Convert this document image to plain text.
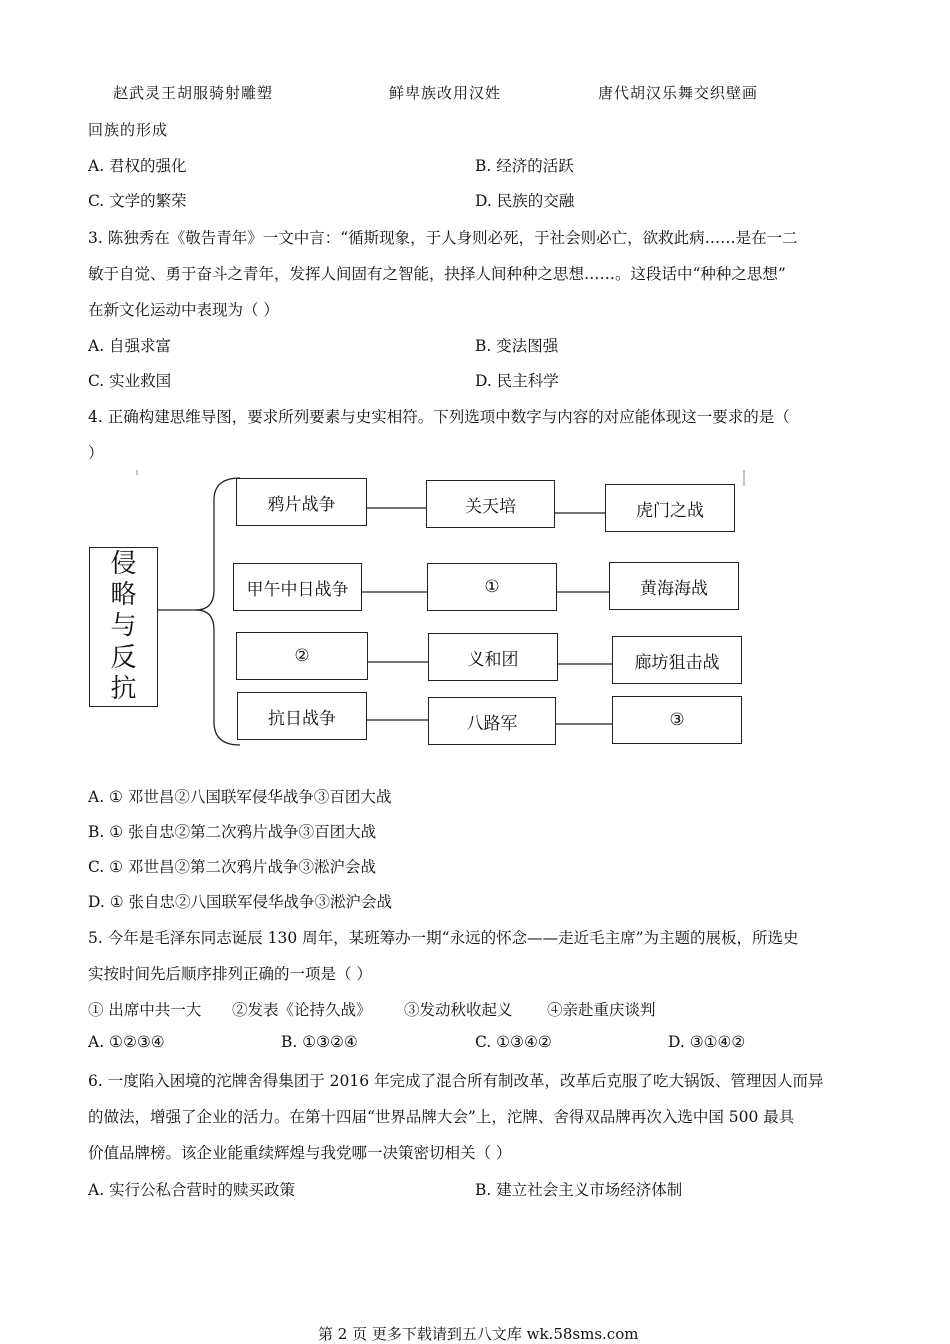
赵武灵王胡服骑射雕塑	鲜卑族改用汉姓	唐代胡汉乐舞交织壁画
回族的形成
A. 君权的强化	B. 经济的活跃
C. 文学的繁荣	D. 民族的交融
3. 陈独秀在《敬告青年》一文中言：“循斯现象，于人身则必死，于社会则必亡，欲救此病……是在一二
敏于自觉、勇于奋斗之青年，发挥人间固有之智能，抉择人间种种之思想……。这段话中“种种之思想”
在新文化运动中表现为（ ）
A. 自强求富	B. 变法图强
C. 实业救国	D. 民主科学
4. 正确构建思维导图，要求所列要素与史实相符。下列选项中数字与内容的对应能体现这一要求的是（
）
侵
略
与
反
抗
鸦片战争	关天培	虎门之战
甲午中日战争	①	黄海海战
②	义和团	廊坊狙击战
抗日战争	八路军	③
A. ① 邓世昌②八国联军侵华战争③百团大战
B. ① 张自忠②第二次鸦片战争③百团大战
C. ① 邓世昌②第二次鸦片战争③淞沪会战
D. ① 张自忠②八国联军侵华战争③淞沪会战
5. 今年是毛泽东同志诞辰 130 周年，某班筹办一期“永远的怀念——走近毛主席”为主题的展板，所选史
实按时间先后顺序排列正确的一项是（ ）
① 出席中共一大 ②发表《论持久战》 ③发动秋收起义 ④亲赴重庆谈判
A. ①②③④	B. ①③②④	C. ①③④②	D. ③①④②
6. 一度陷入困境的沱牌舍得集团于 2016 年完成了混合所有制改革，改革后克服了吃大锅饭、管理因人而异
的做法，增强了企业的活力。在第十四届“世界品牌大会”上，沱牌、舍得双品牌再次入选中国 500 最具
价值品牌榜。该企业能重续辉煌与我党哪一决策密切相关（ ）
A. 实行公私合营时的赎买政策	B. 建立社会主义市场经济体制
第 2 页 更多下载请到五八文库 wk.58sms.com
